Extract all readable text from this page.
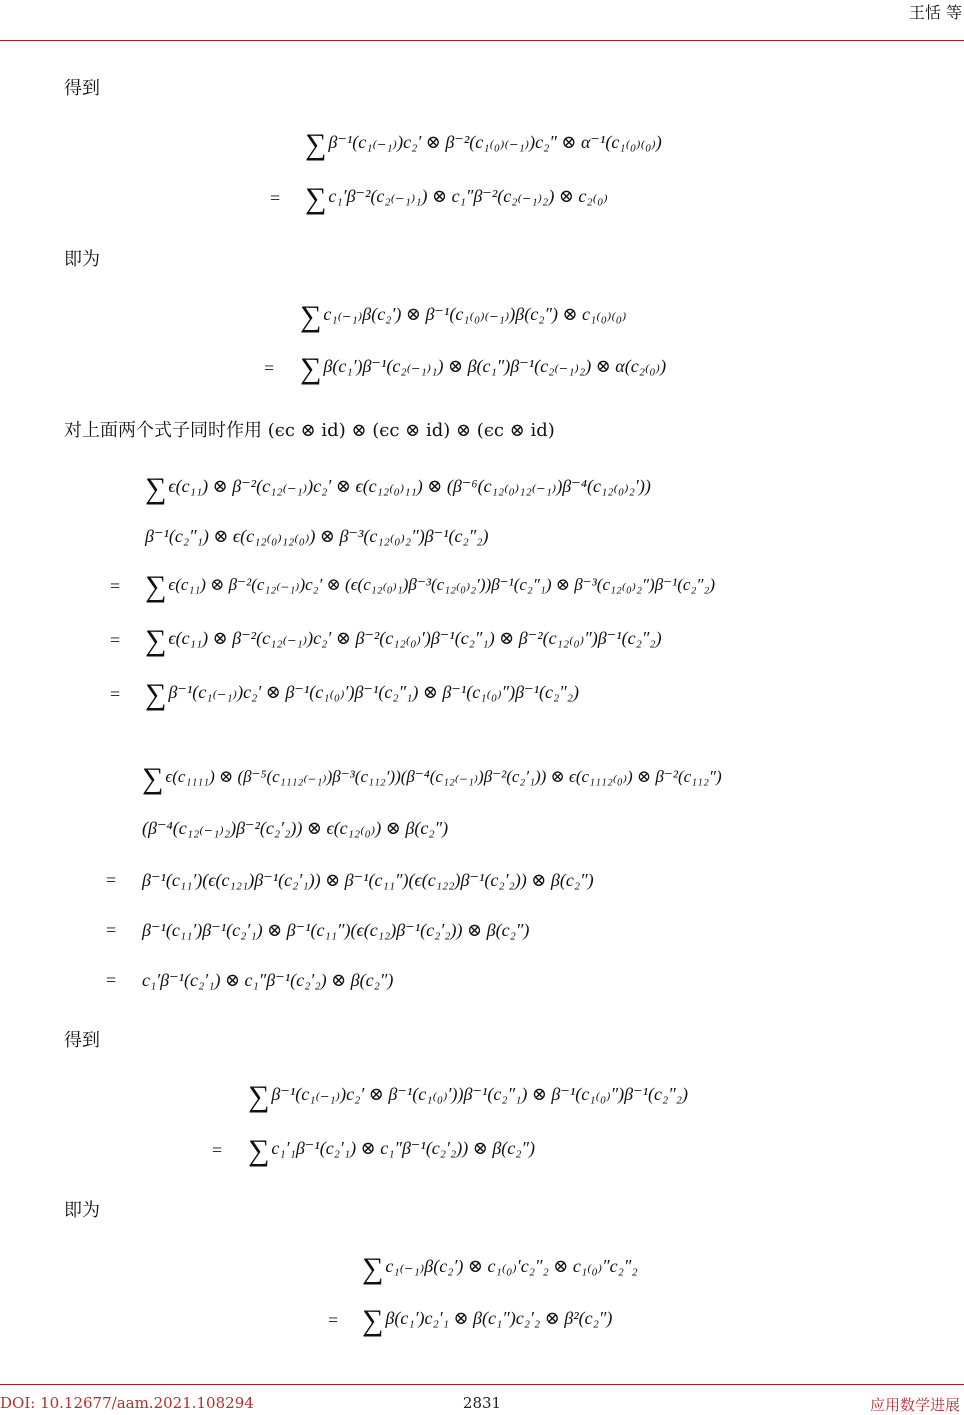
王恬 等
得到
∑ β⁻¹(c₁₍₋₁₎)c₂′ ⊗ β⁻²(c₁₍₀₎₍₋₁₎)c₂″ ⊗ α⁻¹(c₁₍₀₎₍₀₎)
= ∑ c₁′β⁻²(c₂₍₋₁₎₁) ⊗ c₁″β⁻²(c₂₍₋₁₎₂) ⊗ c₂₍₀₎
即为
∑ c₁₍₋₁₎β(c₂′) ⊗ β⁻¹(c₁₍₀₎₍₋₁₎)β(c₂″) ⊗ c₁₍₀₎₍₀₎
= ∑ β(c₁′)β⁻¹(c₂₍₋₁₎₁) ⊗ β(c₁″)β⁻¹(c₂₍₋₁₎₂) ⊗ α(c₂₍₀₎)
对上面两个式子同时作用 (ϵc ⊗ id) ⊗ (ϵc ⊗ id) ⊗ (ϵc ⊗ id)
∑ ϵ(c₁₁) ⊗ β⁻²(c₁₂₍₋₁₎)c₂′ ⊗ ϵ(c₁₂₍₀₎₁₁) ⊗ (β⁻⁶(c₁₂₍₀₎₁₂₍₋₁₎)β⁻⁴(c₁₂₍₀₎₂′))
β⁻¹(c₂″₁) ⊗ ϵ(c₁₂₍₀₎₁₂₍₀₎) ⊗ β⁻³(c₁₂₍₀₎₂″)β⁻¹(c₂″₂)
= ∑ ϵ(c₁₁) ⊗ β⁻²(c₁₂₍₋₁₎)c₂′ ⊗ (ϵ(c₁₂₍₀₎₁)β⁻³(c₁₂₍₀₎₂′))β⁻¹(c₂″₁) ⊗ β⁻³(c₁₂₍₀₎₂″)β⁻¹(c₂″₂)
= ∑ ϵ(c₁₁) ⊗ β⁻²(c₁₂₍₋₁₎)c₂′ ⊗ β⁻²(c₁₂₍₀₎′)β⁻¹(c₂″₁) ⊗ β⁻²(c₁₂₍₀₎″)β⁻¹(c₂″₂)
= ∑ β⁻¹(c₁₍₋₁₎)c₂′ ⊗ β⁻¹(c₁₍₀₎′)β⁻¹(c₂″₁) ⊗ β⁻¹(c₁₍₀₎″)β⁻¹(c₂″₂)
∑ ϵ(c₁₁₁₁) ⊗ (β⁻⁵(c₁₁₁₂₍₋₁₎)β⁻³(c₁₁₂′))(β⁻⁴(c₁₂₍₋₁₎)β⁻²(c₂′₁)) ⊗ ϵ(c₁₁₁₂₍₀₎) ⊗ β⁻²(c₁₁₂″)
(β⁻⁴(c₁₂₍₋₁₎₂)β⁻²(c₂′₂)) ⊗ ϵ(c₁₂₍₀₎) ⊗ β(c₂″)
= β⁻¹(c₁₁′)(ϵ(c₁₂₁)β⁻¹(c₂′₁)) ⊗ β⁻¹(c₁₁″)(ϵ(c₁₂₂)β⁻¹(c₂′₂)) ⊗ β(c₂″)
= β⁻¹(c₁₁′)β⁻¹(c₂′₁) ⊗ β⁻¹(c₁₁″)(ϵ(c₁₂)β⁻¹(c₂′₂)) ⊗ β(c₂″)
= c₁′β⁻¹(c₂′₁) ⊗ c₁″β⁻¹(c₂′₂) ⊗ β(c₂″)
得到
∑ β⁻¹(c₁₍₋₁₎)c₂′ ⊗ β⁻¹(c₁₍₀₎′))β⁻¹(c₂″₁) ⊗ β⁻¹(c₁₍₀₎″)β⁻¹(c₂″₂)
= ∑ c₁′₁β⁻¹(c₂′₁) ⊗ c₁″β⁻¹(c₂′₂)) ⊗ β(c₂″)
即为
∑ c₁₍₋₁₎β(c₂′) ⊗ c₁₍₀₎′c₂″₂ ⊗ c₁₍₀₎″c₂″₂
= ∑ β(c₁′)c₂′₁ ⊗ β(c₁″)c₂′₂ ⊗ β²(c₂″)
2831
DOI: 10.12677/aam.2021.108294	应用数学进展
